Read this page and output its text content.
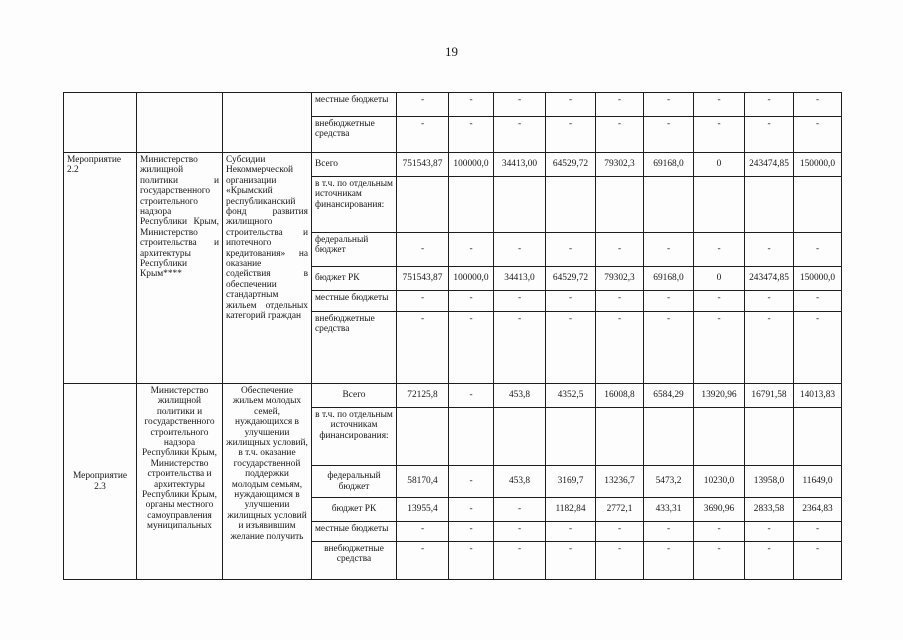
19
			местные бюджеты	-	-	-	-	-	-	-	-	-
			внебюджетные средства	-	-	-	-	-	-	-	-	-
Мероприятие 2.2	Министерство жилищной политики и государственного строительного надзора Республики Крым, Министерство строительства и архитектуры Республики Крым****	Субсидии Некоммерческой организации «Крымский республиканский фонд развития жилищного строительства и ипотечного кредитования» на оказание содействия в обеспечении стандартным жильем отдельных категорий граждан	Всего	751543,87	100000,0	34413,00	64529,72	79302,3	69168,0	0	243474,85	150000,0
			в т.ч. по отдельным источникам финансирования:									
			федеральный бюджет	-	-	-	-	-	-	-	-	-
			бюджет РК	751543,87	100000,0	34413,0	64529,72	79302,3	69168,0	0	243474,85	150000,0
			местные бюджеты	-	-	-	-	-	-	-	-	-
			внебюджетные средства	-	-	-	-	-	-	-	-	-
Мероприятие 2.3	Министерство жилищной политики и государственного строительного надзора Республики Крым, Министерство строительства и архитектуры Республики Крым, органы местного самоуправления муниципальных	Обеспечение жильем молодых семей, нуждающихся в улучшении жилищных условий, в т.ч. оказание государственной поддержки молодым семьям, нуждающимся в улучшении жилищных условий и изъявившим желание получить	Всего	72125,8	-	453,8	4352,5	16008,8	6584,29	13920,96	16791,58	14013,83
			в т.ч. по отдельным источникам финансирования:									
			федеральный бюджет	58170,4	-	453,8	3169,7	13236,7	5473,2	10230,0	13958,0	11649,0
			бюджет РК	13955,4	-	-	1182,84	2772,1	433,31	3690,96	2833,58	2364,83
			местные бюджеты	-	-	-	-	-	-	-	-	-
			внебюджетные средства	-	-	-	-	-	-	-	-	-
